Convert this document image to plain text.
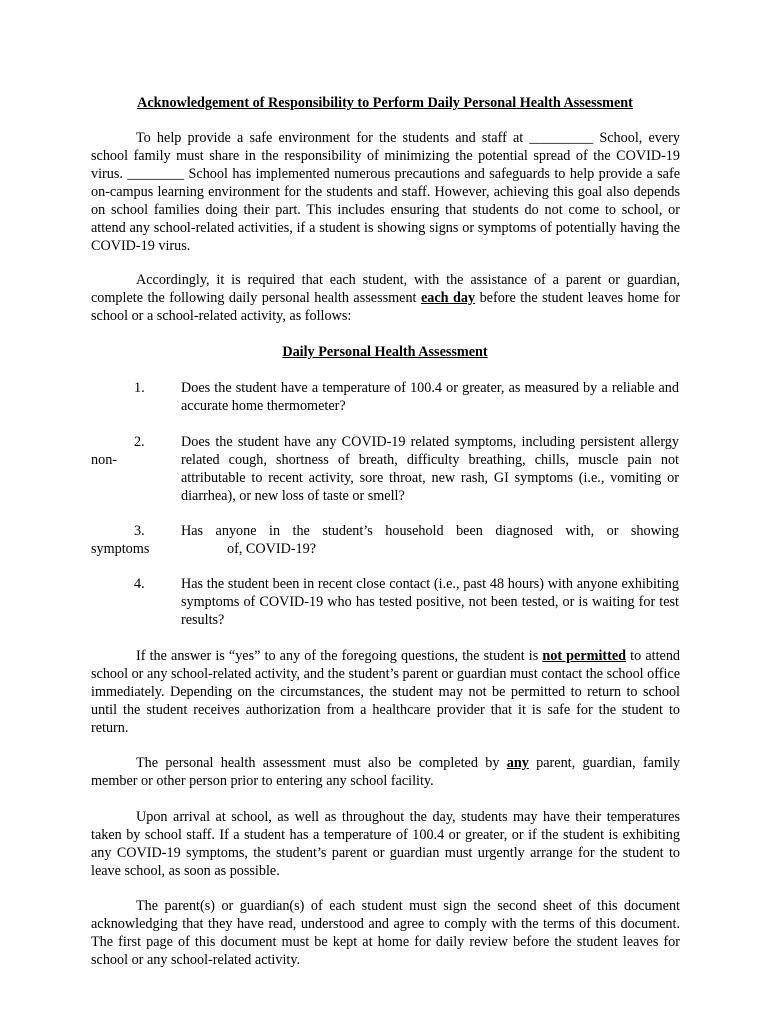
Acknowledgement of Responsibility to Perform Daily Personal Health Assessment

To help provide a safe environment for the students and staff at _________ School, every school family must share in the responsibility of minimizing the potential spread of the COVID-19 virus. ________ School has implemented numerous precautions and safeguards to help provide a safe on-campus learning environment for the students and staff. However, achieving this goal also depends on school families doing their part. This includes ensuring that students do not come to school, or attend any school-related activities, if a student is showing signs or symptoms of potentially having the COVID-19 virus.

Accordingly, it is required that each student, with the assistance of a parent or guardian, complete the following daily personal health assessment each day before the student leaves home for school or a school-related activity, as follows:

Daily Personal Health Assessment
1.	Does the student have a temperature of 100.4 or greater, as measured by a reliable and accurate home thermometer?

2.
non-

Does the student have any COVID-19 related symptoms, including persistent allergy related cough, shortness of breath, difficulty breathing, chills, muscle pain not attributable to recent activity, sore throat, new rash, GI symptoms (i.e., vomiting or diarrhea), or new loss of taste or smell?

3.	Has anyone in the student’s household been diagnosed with, or showing

symptoms	of, COVID-19?
4.	Has the student been in recent close contact (i.e., past 48 hours) with anyone exhibiting symptoms of COVID-19 who has tested positive, not been tested, or is waiting for test results?

If the answer is “yes” to any of the foregoing questions, the student is not permitted to attend school or any school-related activity, and the student’s parent or guardian must contact the school office immediately. Depending on the circumstances, the student may not be permitted to return to school until the student receives authorization from a healthcare provider that it is safe for the student to return.

The personal health assessment must also be completed by any parent, guardian, family member or other person prior to entering any school facility.

Upon arrival at school, as well as throughout the day, students may have their temperatures taken by school staff. If a student has a temperature of 100.4 or greater, or if the student is exhibiting any COVID-19 symptoms, the student’s parent or guardian must urgently arrange for the student to leave school, as soon as possible.

The parent(s) or guardian(s) of each student must sign the second sheet of this document acknowledging that they have read, understood and agree to comply with the terms of this document. The first page of this document must be kept at home for daily review before the student leaves for school or any school-related activity.
